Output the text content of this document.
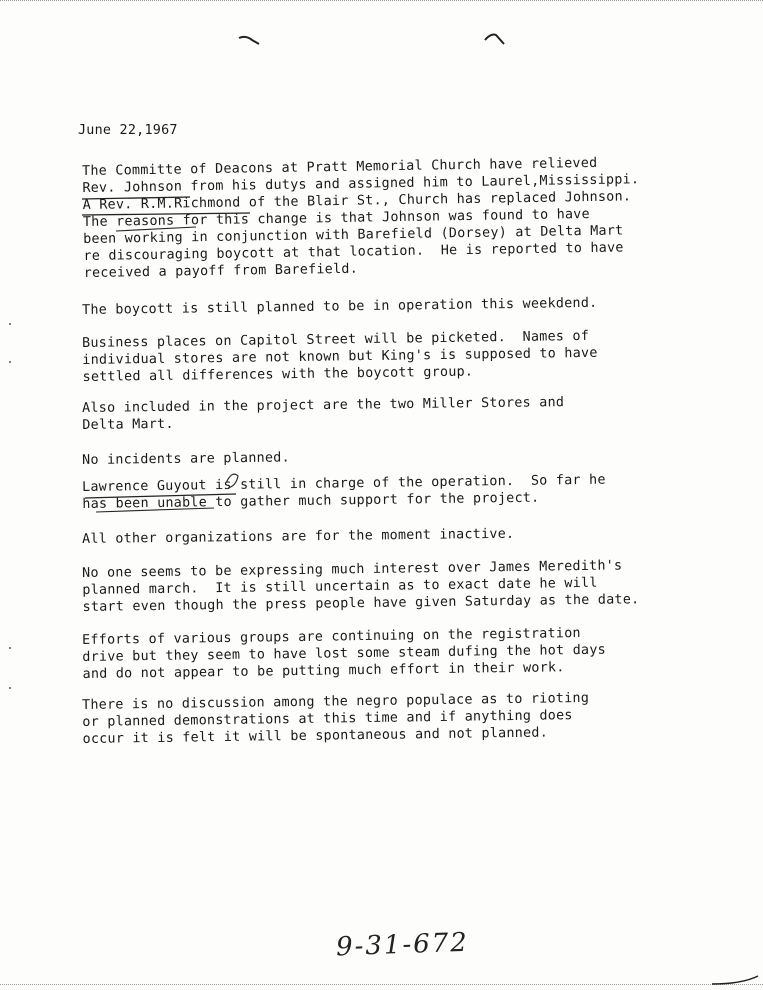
June 22,1967
The Committe of Deacons at Pratt Memorial Church have relieved
Rev. Johnson from his dutys and assigned him to Laurel,Mississippi.
A Rev. R.M.Richmond of the Blair St., Church has replaced Johnson.
The reasons for this change is that Johnson was found to have
been working in conjunction with Barefield (Dorsey) at Delta Mart
re discouraging boycott at that location.  He is reported to have
received a payoff from Barefield.
The boycott is still planned to be in operation this weekdend.
Business places on Capitol Street will be picketed.  Names of
individual stores are not known but King's is supposed to have
settled all differences with the boycott group.
Also included in the project are the two Miller Stores and
Delta Mart.
No incidents are planned.
Lawrence Guyout is still in charge of the operation.  So far he
has been unable to gather much support for the project.
All other organizations are for the moment inactive.
No one seems to be expressing much interest over James Meredith's
planned march.  It is still uncertain as to exact date he will
start even though the press people have given Saturday as the date.
Efforts of various groups are continuing on the registration
drive but they seem to have lost some steam dufing the hot days
and do not appear to be putting much effort in their work.
There is no discussion among the negro populace as to rioting
or planned demonstrations at this time and if anything does
occur it is felt it will be spontaneous and not planned.
9-31-672
